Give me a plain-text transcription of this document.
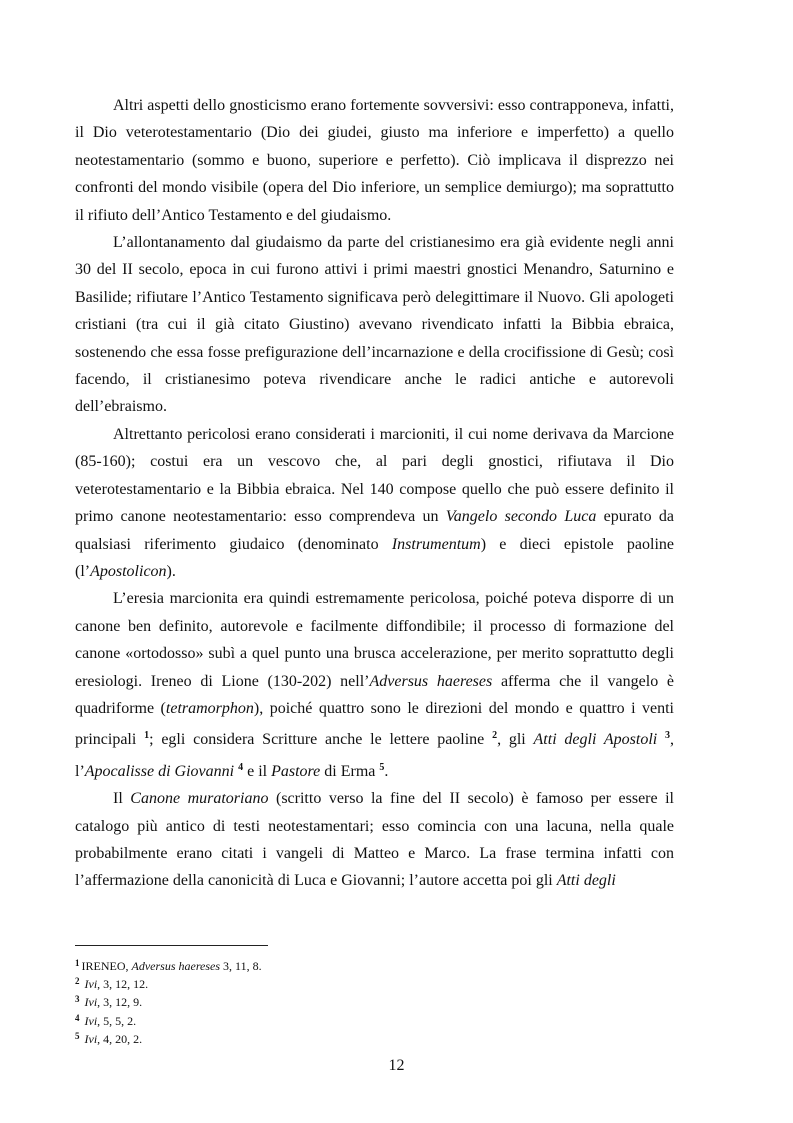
Altri aspetti dello gnosticismo erano fortemente sovversivi: esso contrapponeva, infatti, il Dio veterotestamentario (Dio dei giudei, giusto ma inferiore e imperfetto) a quello neotestamentario (sommo e buono, superiore e perfetto). Ciò implicava il disprezzo nei confronti del mondo visibile (opera del Dio inferiore, un semplice demiurgo); ma soprattutto il rifiuto dell’Antico Testamento e del giudaismo.

L’allontanamento dal giudaismo da parte del cristianesimo era già evidente negli anni 30 del II secolo, epoca in cui furono attivi i primi maestri gnostici Menandro, Saturnino e Basilide; rifiutare l’Antico Testamento significava però delegittimare il Nuovo. Gli apologeti cristiani (tra cui il già citato Giustino) avevano rivendicato infatti la Bibbia ebraica, sostenendo che essa fosse prefigurazione dell’incarnazione e della crocifissione di Gesù; così facendo, il cristianesimo poteva rivendicare anche le radici antiche e autorevoli dell’ebraismo.

Altrettanto pericolosi erano considerati i marcioniti, il cui nome derivava da Marcione (85-160); costui era un vescovo che, al pari degli gnostici, rifiutava il Dio veterotestamentario e la Bibbia ebraica. Nel 140 compose quello che può essere definito il primo canone neotestamentario: esso comprendeva un Vangelo secondo Luca epurato da qualsiasi riferimento giudaico (denominato Instrumentum) e dieci epistole paoline (l’Apostolicon).

L’eresia marcionita era quindi estremamente pericolosa, poiché poteva disporre di un canone ben definito, autorevole e facilmente diffondibile; il processo di formazione del canone «ortodosso» subì a quel punto una brusca accelerazione, per merito soprattutto degli eresiologi. Ireneo di Lione (130-202) nell’Adversus haereses afferma che il vangelo è quadriforme (tetramorphon), poiché quattro sono le direzioni del mondo e quattro i venti principali $^1$; egli considera Scritture anche le lettere paoline $^2$, gli Atti degli Apostoli $^3$, l’Apocalisse di Giovanni $^4$ e il Pastore di Erma $^5$.

Il Canone muratoriano (scritto verso la fine del II secolo) è famoso per essere il catalogo più antico di testi neotestamentari; esso comincia con una lacuna, nella quale probabilmente erano citati i vangeli di Matteo e Marco. La frase termina infatti con l’affermazione della canonicità di Luca e Giovanni; l’autore accetta poi gli Atti degli

$^1$ IRENEO, Adversus haereses 3, 11, 8.

$^2$ Ivi, 3, 12, 12.

$^3$ Ivi, 3, 12, 9.

$^4$ Ivi, 5, 5, 2.

$^5$ Ivi, 4, 20, 2.

12
